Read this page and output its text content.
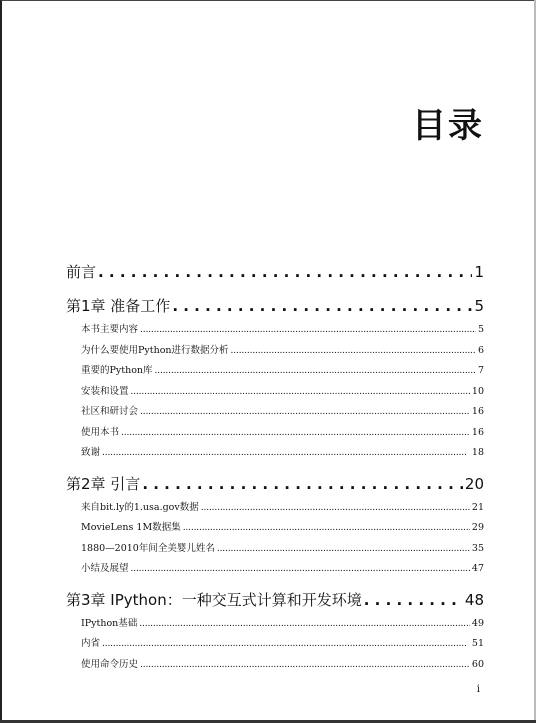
目录
前言 . . .	1
第1章 准备工作 . . .	5
本书主要内容 . . .	5
为什么要使用Python进行数据分析 . . .	6
重要的Python库 . . .	7
安装和设置 . . .	10
社区和研讨会 . . .	16
使用本书 . . .	16
致谢 . . .	18
第2章 引言 . . .	20
来自bit.ly的1.usa.gov数据 . . .	21
MovieLens 1M数据集 . . .	29
1880—2010年间全美婴儿姓名 . . .	35
小结及展望 . . .	47
第3章 IPython：一种交互式计算和开发环境 . . .	48
IPython基础 . . .	49
内省 . . .	51
使用命令历史 . . .	60
i
